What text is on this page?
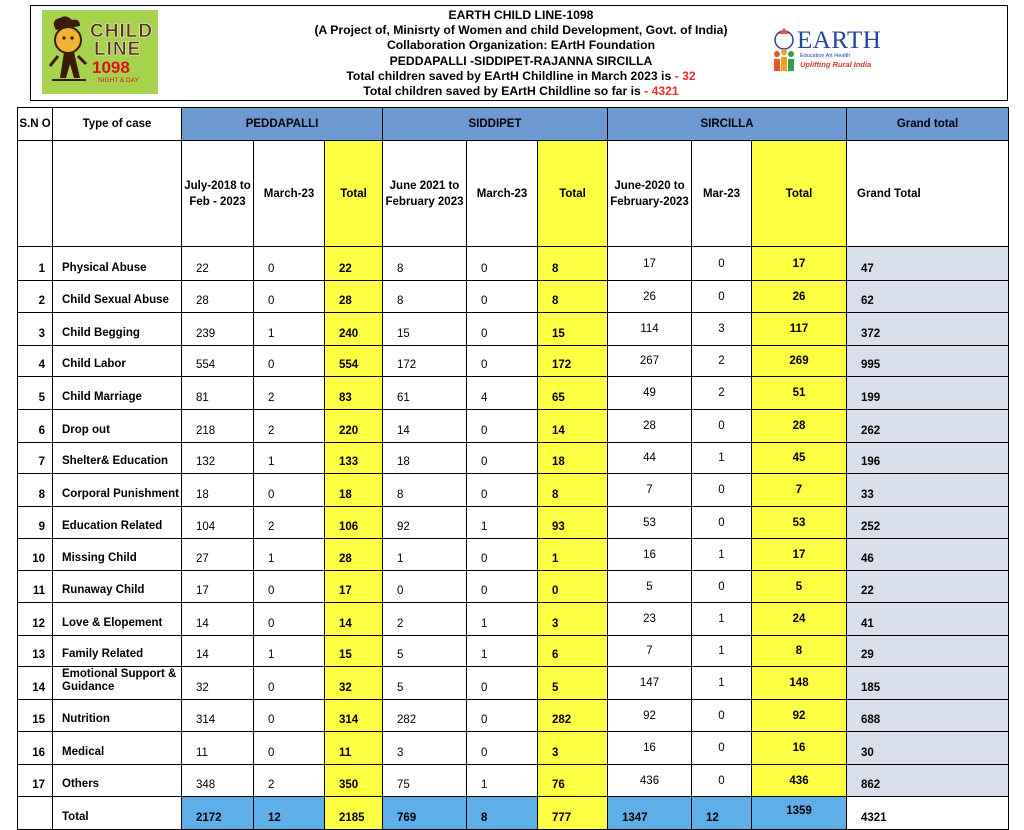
CHILD
LINE
1098
NIGHT & DAY
EARTH CHILD LINE-1098
(A Project of, Minisrty of Women and child Development, Govt. of India)
Collaboration Organization: EArtH Foundation
PEDDAPALLI -SIDDIPET-RAJANNA SIRCILLA
Total children saved by EArtH Childline in March 2023 is - 32
Total children saved by EArtH Childline so far is - 4321
EARTH
Education Art Health
Uplifting Rural India
S.N O	Type of case	PEDDAPALLI			SIDDIPET			SIRCILLA			Grand total
		July-2018 to Feb - 2023	March-23	Total	June 2021 to February 2023	March-23	Total	June-2020 to February-2023	Mar-23	Total	Grand Total
1	Physical Abuse	22	0	22	8	0	8	17	0	17	47
2	Child Sexual Abuse	28	0	28	8	0	8	26	0	26	62
3	Child Begging	239	1	240	15	0	15	114	3	117	372
4	Child Labor	554	0	554	172	0	172	267	2	269	995
5	Child Marriage	81	2	83	61	4	65	49	2	51	199
6	Drop out	218	2	220	14	0	14	28	0	28	262
7	Shelter& Education	132	1	133	18	0	18	44	1	45	196
8	Corporal Punishment	18	0	18	8	0	8	7	0	7	33
9	Education Related	104	2	106	92	1	93	53	0	53	252
10	Missing Child	27	1	28	1	0	1	16	1	17	46
11	Runaway Child	17	0	17	0	0	0	5	0	5	22
12	Love & Elopement	14	0	14	2	1	3	23	1	24	41
13	Family Related	14	1	15	5	1	6	7	1	8	29
14	Emotional Support & Guidance	32	0	32	5	0	5	147	1	148	185
15	Nutrition	314	0	314	282	0	282	92	0	92	688
16	Medical	11	0	11	3	0	3	16	0	16	30
17	Others	348	2	350	75	1	76	436	0	436	862
	Total	2172	12	2185	769	8	777	1347	12	1359	4321
